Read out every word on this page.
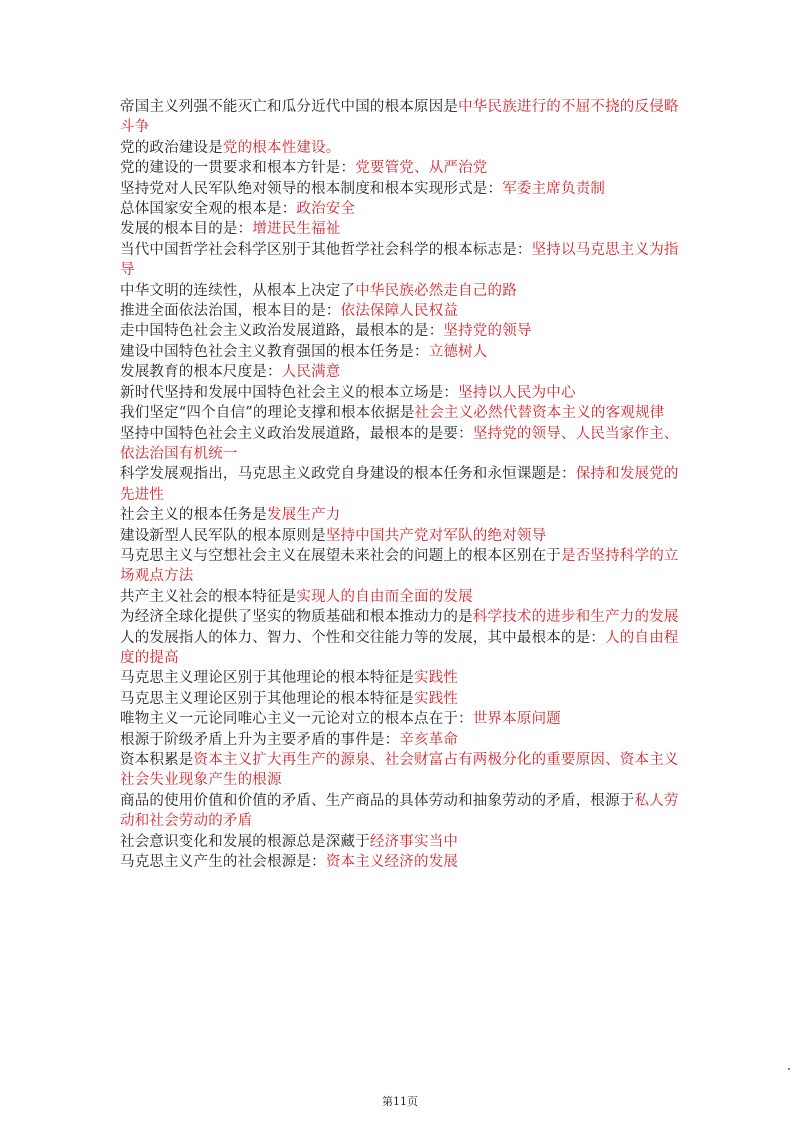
帝国主义列强不能灭亡和瓜分近代中国的根本原因是中华民族进行的不屈不挠的反侵略斗争

党的政治建设是党的根本性建设。

党的建设的一贯要求和根本方针是：党要管党、从严治党

坚持党对人民军队绝对领导的根本制度和根本实现形式是：军委主席负责制

总体国家安全观的根本是：政治安全

发展的根本目的是：增进民生福祉

当代中国哲学社会科学区别于其他哲学社会科学的根本标志是：坚持以马克思主义为指导

中华文明的连续性，从根本上决定了中华民族必然走自己的路

推进全面依法治国，根本目的是：依法保障人民权益

走中国特色社会主义政治发展道路，最根本的是：坚持党的领导

建设中国特色社会主义教育强国的根本任务是：立德树人

发展教育的根本尺度是：人民满意

新时代坚持和发展中国特色社会主义的根本立场是：坚持以人民为中心

我们坚定“四个自信”的理论支撑和根本依据是社会主义必然代替资本主义的客观规律

坚持中国特色社会主义政治发展道路，最根本的是要：坚持党的领导、人民当家作主、依法治国有机统一

科学发展观指出，马克思主义政党自身建设的根本任务和永恒课题是：保持和发展党的先进性

社会主义的根本任务是发展生产力

建设新型人民军队的根本原则是坚持中国共产党对军队的绝对领导

马克思主义与空想社会主义在展望未来社会的问题上的根本区别在于是否坚持科学的立场观点方法

共产主义社会的根本特征是实现人的自由而全面的发展

为经济全球化提供了坚实的物质基础和根本推动力的是科学技术的进步和生产力的发展

人的发展指人的体力、智力、个性和交往能力等的发展，其中最根本的是：人的自由程度的提高

马克思主义理论区别于其他理论的根本特征是实践性

马克思主义理论区别于其他理论的根本特征是实践性

唯物主义一元论同唯心主义一元论对立的根本点在于：世界本原问题

根源于阶级矛盾上升为主要矛盾的事件是：辛亥革命

资本积累是资本主义扩大再生产的源泉、社会财富占有两极分化的重要原因、资本主义社会失业现象产生的根源

商品的使用价值和价值的矛盾、生产商品的具体劳动和抽象劳动的矛盾，根源于私人劳动和社会劳动的矛盾

社会意识变化和发展的根源总是深藏于经济事实当中

马克思主义产生的社会根源是：资本主义经济的发展

第11页
